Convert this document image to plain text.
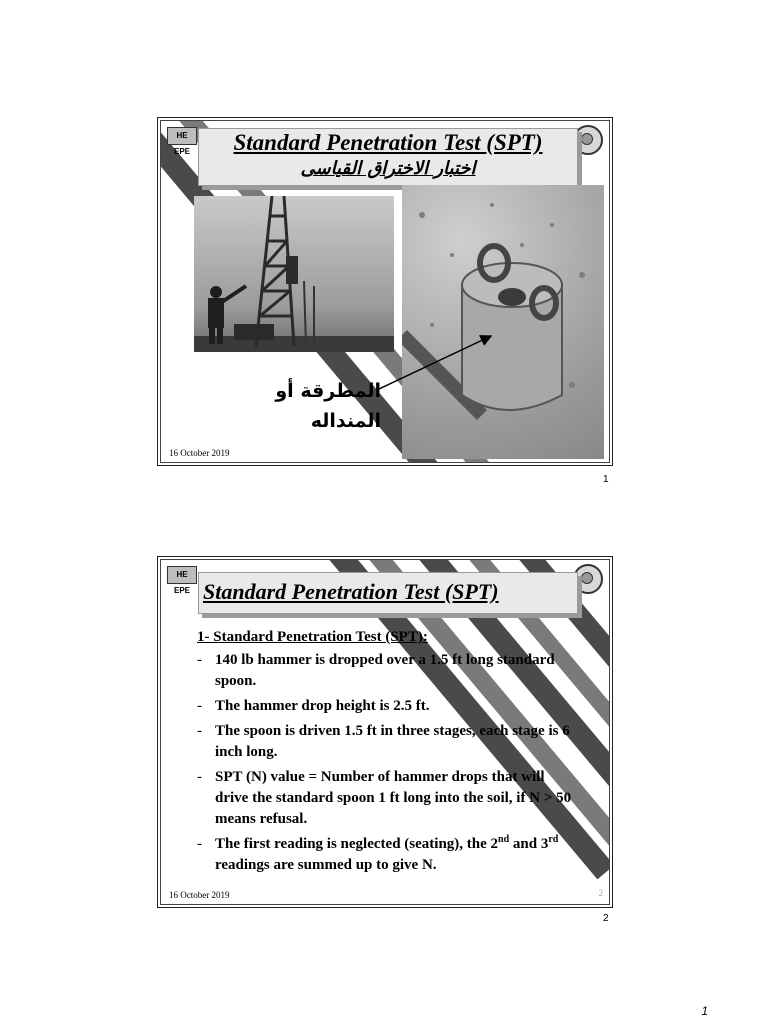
HE EPE	Standard Penetration Test (SPT)
اختبار الاختراق القياسى
المطرقة أو
المنداله
16 October 2019
1
HE EPE Standard Penetration Test (SPT)
1- Standard Penetration Test (SPT):
- 140 lb hammer is dropped over a 1.5 ft long standard spoon.
- The hammer drop height is 2.5 ft.
- The spoon is driven 1.5 ft in three stages, each stage is 6 inch long.
- SPT (N) value = Number of hammer drops that will drive the standard spoon 1 ft long into the soil, if N > 50 means refusal.
- The first reading is neglected (seating), the 2nd and 3rd readings are summed up to give N.
2
16 October 2019
2
1
